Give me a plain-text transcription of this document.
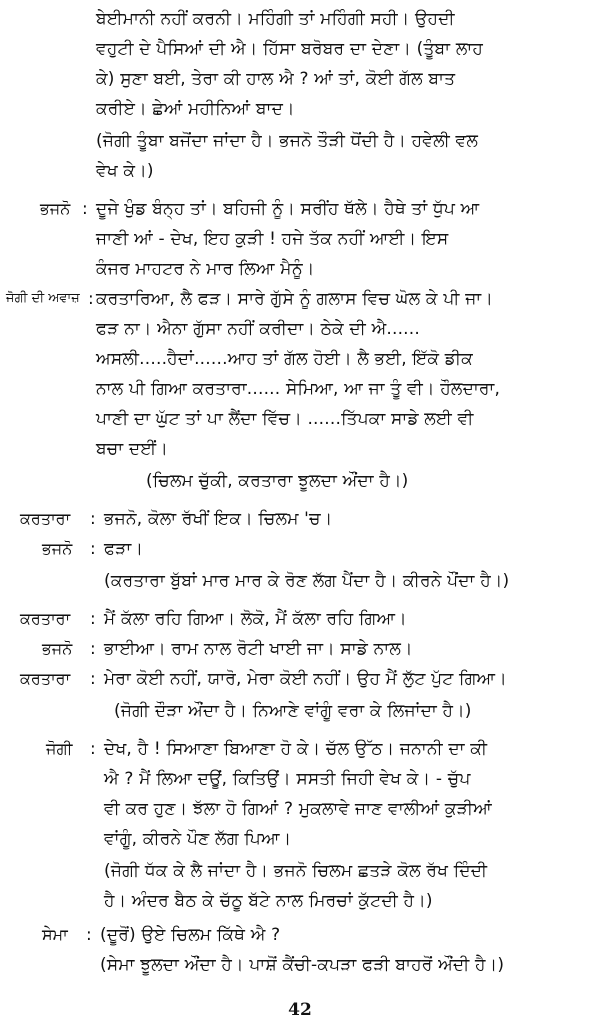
ਬੇਈਮਾਨੀ ਨਹੀਂ ਕਰਨੀ। ਮਹਿੰਗੀ ਤਾਂ ਮਹਿੰਗੀ ਸਹੀ। ਉਹਦੀ
ਵਹੁਟੀ ਦੇ ਪੈਸਿਆਂ ਦੀ ਐ। ਹਿੱਸਾ ਬਰੋਬਰ ਦਾ ਦੇਣਾ। (ਤੂੰਬਾ ਲਾਹ
ਕੇ) ਸੁਣਾ ਬਈ, ਤੇਰਾ ਕੀ ਹਾਲ ਐ ? ਆਂ ਤਾਂ, ਕੋਈ ਗੱਲ ਬਾਤ
ਕਰੀਏ। ਛੇਆਂ ਮਹੀਨਿਆਂ ਬਾਦ।
(ਜੋਗੀ ਤੂੰਬਾ ਬਜੋਂਦਾ ਜਾਂਦਾ ਹੈ। ਭਜਨੋ ਤੌੜੀ ਧੋਂਦੀ ਹੈ। ਹਵੇਲੀ ਵਲ
ਵੇਖ ਕੇ।)
ਭਜਨੋ : ਦੂਜੇ ਖੁੰਡ ਬੰਨ੍ਹ ਤਾਂ। ਬਹਿਜੀ ਨੂੰ। ਸਰੀਂਹ ਥੱਲੇ। ਹੈਥੇ ਤਾਂ ਧੁੱਪ ਆ
ਜਾਣੀ ਆਂ - ਦੇਖ, ਇਹ ਕੁੜੀ ! ਹਜੇ ਤੱਕ ਨਹੀਂ ਆਈ। ਇਸ
ਕੰਜਰ ਮਾਹਟਰ ਨੇ ਮਾਰ ਲਿਆ ਮੈਨੂੰ।
ਜੋਗੀ ਦੀ ਅਵਾਜ਼ : ਕਰਤਾਰਿਆ, ਲੈ ਫੜ। ਸਾਰੇ ਗੁੱਸੇ ਨੂੰ ਗਲਾਸ ਵਿਚ ਘੋਲ ਕੇ ਪੀ ਜਾ।
ਫੜ ਨਾ। ਐਨਾ ਗੁੱਸਾ ਨਹੀਂ ਕਰੀਦਾ। ਠੇਕੇ ਦੀ ਐ......
ਅਸਲੀ.....ਹੈਦਾਂ......ਆਹ ਤਾਂ ਗੱਲ ਹੋਈ। ਲੈ ਭਈ, ਇੱਕੋ ਡੀਕ
ਨਾਲ ਪੀ ਗਿਆ ਕਰਤਾਰਾ...... ਸੇਮਿਆ, ਆ ਜਾ ਤੂੰ ਵੀ। ਹੌਲਦਾਰਾ,
ਪਾਣੀ ਦਾ ਘੁੱਟ ਤਾਂ ਪਾ ਲੈਂਦਾ ਵਿੱਚ। ......ਤਿੱਪਕਾ ਸਾਡੇ ਲਈ ਵੀ
ਬਚਾ ਦਈਂ।
(ਚਿਲਮ ਚੁੱਕੀ, ਕਰਤਾਰਾ ਝੂਲਦਾ ਔਂਦਾ ਹੈ।)
ਕਰਤਾਰਾ : ਭਜਨੋ, ਕੋਲਾ ਰੱਖੀਂ ਇਕ। ਚਿਲਮ 'ਚ।
ਭਜਨੋ : ਫੜਾ।
(ਕਰਤਾਰਾ ਬੁੱਬਾਂ ਮਾਰ ਮਾਰ ਕੇ ਰੋਣ ਲੱਗ ਪੈਂਦਾ ਹੈ। ਕੀਰਨੇ ਪੌਂਦਾ ਹੈ।)
ਕਰਤਾਰਾ : ਮੈਂ ਕੱਲਾ ਰਹਿ ਗਿਆ। ਲੋਕੋ, ਮੈਂ ਕੱਲਾ ਰਹਿ ਗਿਆ।
ਭਜਨੋ : ਭਾਈਆ। ਰਾਮ ਨਾਲ ਰੋਟੀ ਖਾਈ ਜਾ। ਸਾਡੇ ਨਾਲ।
ਕਰਤਾਰਾ : ਮੇਰਾ ਕੋਈ ਨਹੀਂ, ਯਾਰੋ, ਮੇਰਾ ਕੋਈ ਨਹੀਂ। ਉਹ ਮੈਂ ਲੁੱਟ ਪੁੱਟ ਗਿਆ।
(ਜੋਗੀ ਦੌੜਾ ਔਂਦਾ ਹੈ। ਨਿਆਣੇ ਵਾਂਗੂੰ ਵਰਾ ਕੇ ਲਿਜਾਂਦਾ ਹੈ।)
ਜੋਗੀ : ਦੇਖ, ਹੈ ! ਸਿਆਣਾ ਬਿਆਣਾ ਹੋ ਕੇ। ਚੱਲ ਉੱਠ। ਜਨਾਨੀ ਦਾ ਕੀ
ਐ ? ਮੈਂ ਲਿਆ ਦਊਂ, ਕਿਤਿਉਂ। ਸਸਤੀ ਜਿਹੀ ਵੇਖ ਕੇ। - ਚੁੱਪ
ਵੀ ਕਰ ਹੁਣ। ਝੱਲਾ ਹੋ ਗਿਆਂ ? ਮੁਕਲਾਵੇ ਜਾਣ ਵਾਲੀਆਂ ਕੁੜੀਆਂ
ਵਾਂਗੂੰ, ਕੀਰਨੇ ਪੌਣ ਲੱਗ ਪਿਆ।
(ਜੋਗੀ ਧੱਕ ਕੇ ਲੈ ਜਾਂਦਾ ਹੈ। ਭਜਨੋ ਚਿਲਮ ਛਤੜੇ ਕੋਲ ਰੱਖ ਦਿੰਦੀ
ਹੈ। ਅੰਦਰ ਬੈਠ ਕੇ ਚੱਠੂ ਬੱਟੇ ਨਾਲ ਮਿਰਚਾਂ ਕੁੱਟਦੀ ਹੈ।)
ਸੇਮਾ : (ਦੂਰੋਂ) ਉਏ ਚਿਲਮ ਕਿੱਥੇ ਐ ?
(ਸੇਮਾ ਝੂਲਦਾ ਔਂਦਾ ਹੈ। ਪਾਸ਼ੋਂ ਕੈਂਚੀ-ਕਪੜਾ ਫੜੀ ਬਾਹਰੋਂ ਔਂਦੀ ਹੈ।)
42
